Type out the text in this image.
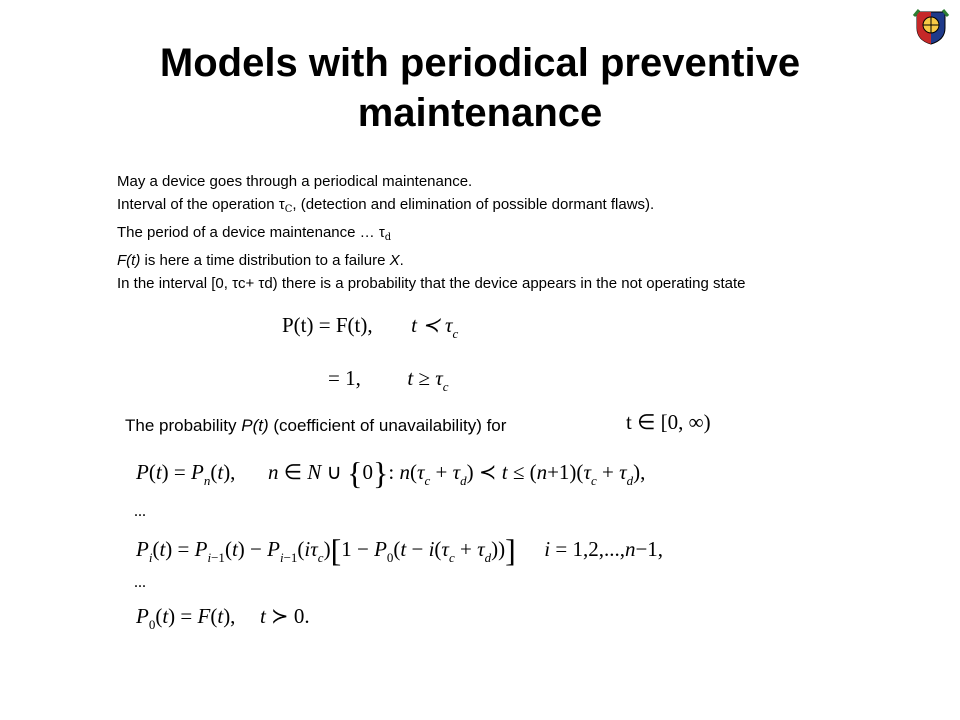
Models with periodical preventive
maintenance
May a device goes through a periodical maintenance.
Interval of the operation $\tau_C$, (detection and elimination of possible dormant flaws).
The period of a device maintenance … $\tau_d$
F(t) is here a time distribution to a failure X.
In the interval [0, τc+ τd) there is a probability that the device appears in the not operating state
P(t) = F(t), t ≺ $\tau_c$
= 1, $t \ge \tau_c$
The probability P(t) (coefficient of unavailability) for	t ∈ [0, ∞)
$P(t) = P_n(t)$,  n ∈ N ∪ {0}: $n(\tau_c + \tau_d)$ ≺ $t \le (n+1)(\tau_c + \tau_d)$,
...
$P_i(t) = P_{i-1}(t) - P_{i-1}(i\tau_c)[1 - P_0(t - i(\tau_c + \tau_d))] i = 1,2,...,n-1$,
...
$P_0(t) = F(t)$,  t ≻ 0.
